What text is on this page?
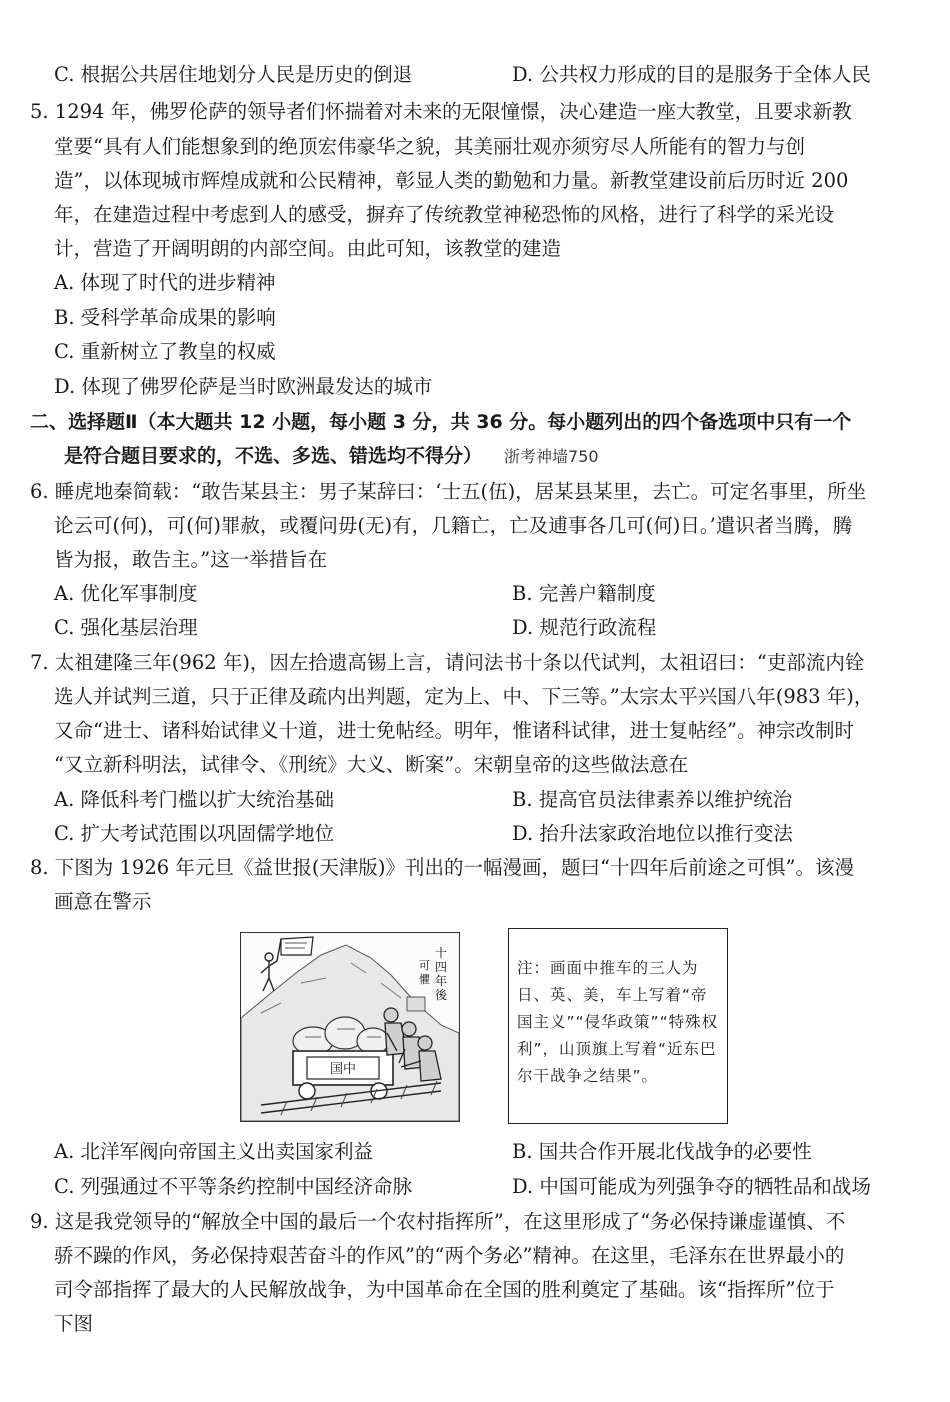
C. 根据公共居住地划分人民是历史的倒退	D. 公共权力形成的目的是服务于全体人民
5. 1294 年，佛罗伦萨的领导者们怀揣着对未来的无限憧憬，决心建造一座大教堂，且要求新教
堂要“具有人们能想象到的绝顶宏伟豪华之貌，其美丽壮观亦须穷尽人所能有的智力与创
造”，以体现城市辉煌成就和公民精神，彰显人类的勤勉和力量。新教堂建设前后历时近 200
年，在建造过程中考虑到人的感受，摒弃了传统教堂神秘恐怖的风格，进行了科学的采光设
计，营造了开阔明朗的内部空间。由此可知，该教堂的建造
A. 体现了时代的进步精神
B. 受科学革命成果的影响
C. 重新树立了教皇的权威
D. 体现了佛罗伦萨是当时欧洲最发达的城市
二、选择题Ⅱ（本大题共 12 小题，每小题 3 分，共 36 分。每小题列出的四个备选项中只有一个
是符合题目要求的，不选、多选、错选均不得分） 浙考神墙750
6. 睡虎地秦简载：“敢告某县主：男子某辞曰：‘士五(伍)，居某县某里，去亡。可定名事里，所坐
论云可(何)，可(何)罪赦，或覆问毋(无)有，几籍亡，亡及逋事各几可(何)日。’遣识者当腾，腾
皆为报，敢告主。”这一举措旨在
A. 优化军事制度	B. 完善户籍制度
C. 强化基层治理	D. 规范行政流程
7. 太祖建隆三年(962 年)，因左拾遗高锡上言，请问法书十条以代试判，太祖诏曰：“吏部流内铨
选人并试判三道，只于正律及疏内出判题，定为上、中、下三等。”太宗太平兴国八年(983 年)，
又命“进士、诸科始试律义十道，进士免帖经。明年，惟诸科试律，进士复帖经”。神宗改制时
“又立新科明法，试律令、《刑统》大义、断案”。宋朝皇帝的这些做法意在
A. 降低科考门槛以扩大统治基础	B. 提高官员法律素养以维护统治
C. 扩大考试范围以巩固儒学地位	D. 抬升法家政治地位以推行变法
8. 下图为 1926 年元旦《益世报(天津版)》刊出的一幅漫画，题曰“十四年后前途之可惧”。该漫
画意在警示
十
四
年
後
可
懼
国中
注：画面中推车的三人为日、英、美，车上写着“帝国主义”“侵华政策”“特殊权利”，山顶旗上写着“近东巴尔干战争之结果”。
A. 北洋军阀向帝国主义出卖国家利益	B. 国共合作开展北伐战争的必要性
C. 列强通过不平等条约控制中国经济命脉	D. 中国可能成为列强争夺的牺牲品和战场
9. 这是我党领导的“解放全中国的最后一个农村指挥所”，在这里形成了“务必保持谦虚谨慎、不
骄不躁的作风，务必保持艰苦奋斗的作风”的“两个务必”精神。在这里，毛泽东在世界最小的
司令部指挥了最大的人民解放战争，为中国革命在全国的胜利奠定了基础。该“指挥所”位于
下图
